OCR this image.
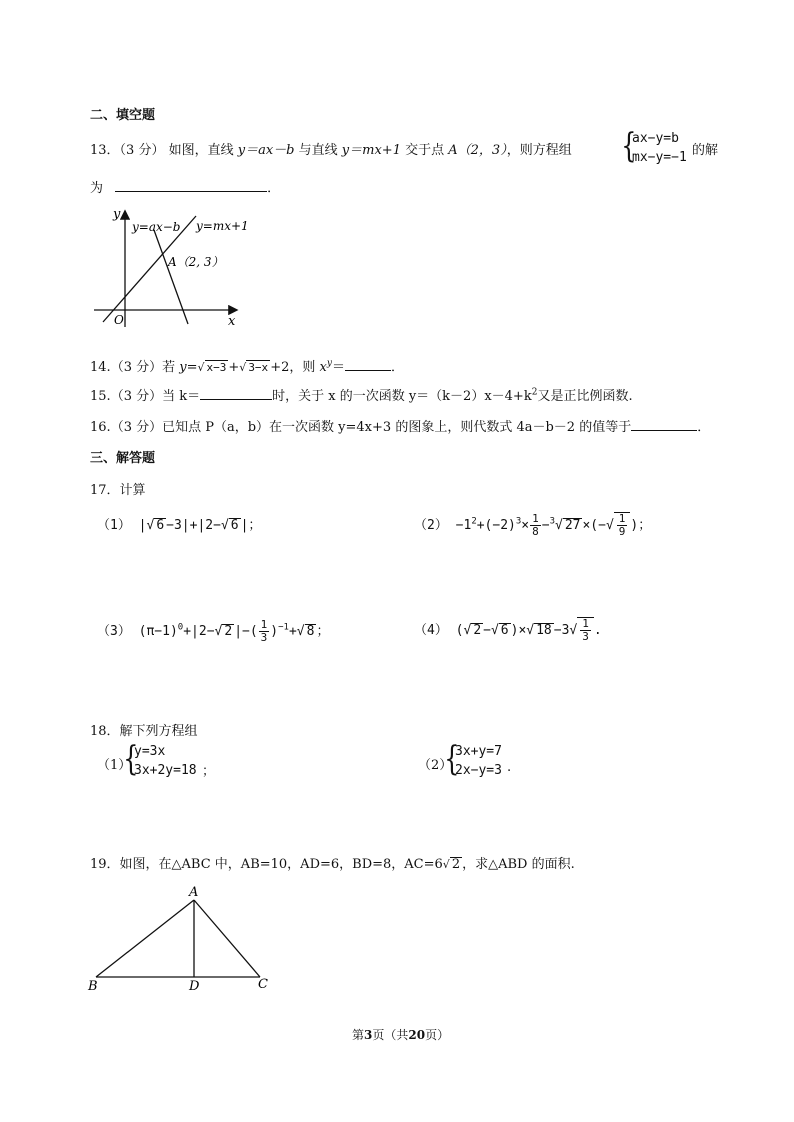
二、填空题
13．（3 分） 如图，直线 y＝ax－b 与直线 y＝mx+1 交于点 A（2，3），则方程组 {
ax−y=b
mx−y=−1 的解
为	．
y
x
O
y=ax−b y=mx+1
A（2, 3）
14.（3 分）若 y=√ x−3 +√ 3−x +2，则 $x^y=$	．
15.（3 分）当 k＝	时，关于 x 的一次函数 $y=(k-2)x-4+k^2$又是正比例函数.
16.（3 分）已知点 P（a，b）在一次函数 y=4x+3 的图象上，则代数式 4a－b－2 的值等于	．
三、解答题
17．计算
（1） |√ 6 −3|+|2−√ 6 |；	$(2) -1^2+(-2)^3\times \frac{1}{8} -^3√$ 27 ×(−√ $\frac{1}{9}$ )；
（3） $(\pi-1)^0+|2-√$ 2 |−( $\frac{1}{3} )^{-1}+√$ 8 ；	（4） (√ 2 −√ 6 )×√ $18 -3√ \frac{1}{3}$ .
18．解下列方程组
（1）
{
y=3x
3x+2y=18 ；	（2）
{
3x+y=7
2x−y=3 .
19．如图，在△ABC 中，AB=10，AD=6，BD=8，AC=6√ 2 ，求△ABD 的面积.
A
B	D	C
第3页（共20页）
